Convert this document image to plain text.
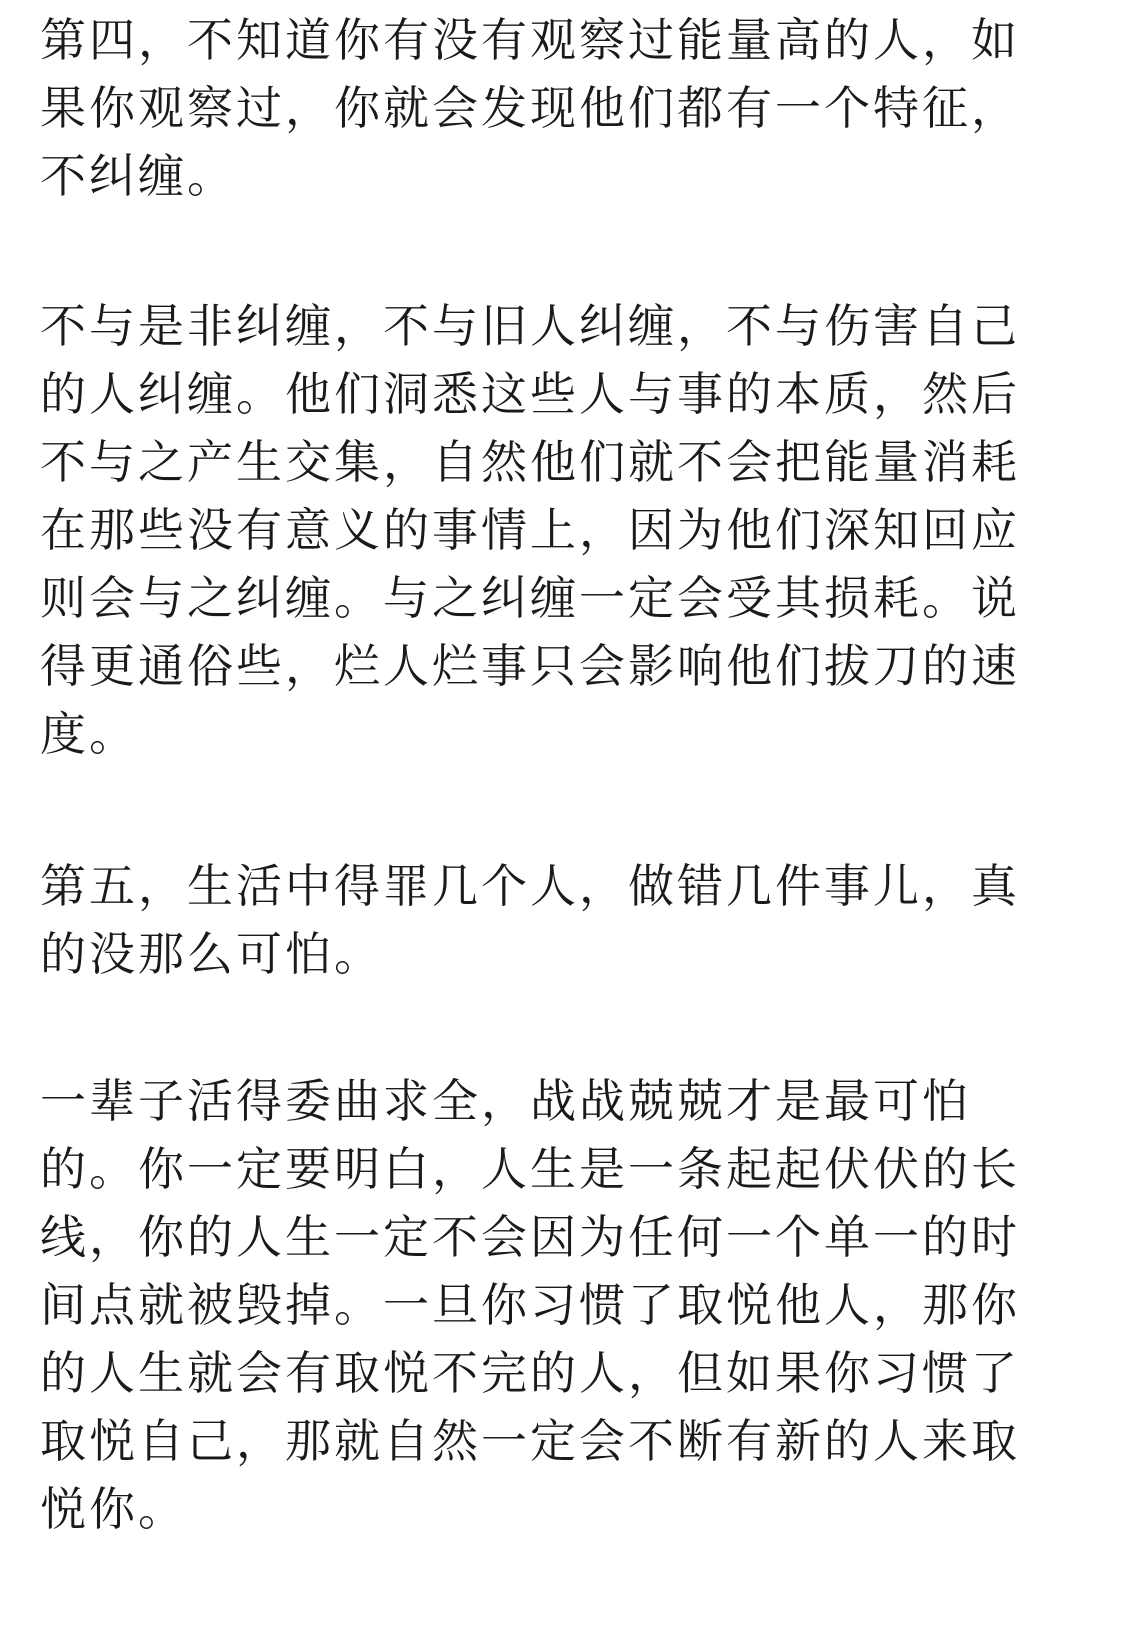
第四，不知道你有没有观察过能量高的人，如
果你观察过，你就会发现他们都有一个特征，
不纠缠。
不与是非纠缠，不与旧人纠缠，不与伤害自己
的人纠缠。他们洞悉这些人与事的本质，然后
不与之产生交集，自然他们就不会把能量消耗
在那些没有意义的事情上，因为他们深知回应
则会与之纠缠。与之纠缠一定会受其损耗。说
得更通俗些，烂人烂事只会影响他们拔刀的速
度。
第五，生活中得罪几个人，做错几件事儿，真
的没那么可怕。
一辈子活得委曲求全，战战兢兢才是最可怕
的。你一定要明白，人生是一条起起伏伏的长
线，你的人生一定不会因为任何一个单一的时
间点就被毁掉。一旦你习惯了取悦他人，那你
的人生就会有取悦不完的人，但如果你习惯了
取悦自己，那就自然一定会不断有新的人来取
悦你。
